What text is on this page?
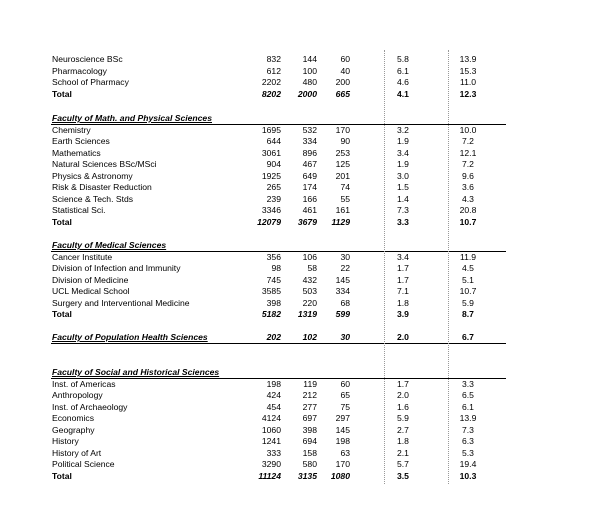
Neuroscience BSc	832	144	60	5.8	13.9
Pharmacology	612	100	40	6.1	15.3
School of Pharmacy	2202	480 200	4.6	11.0
Total	8202 2000 665	4.1	12.3
Faculty of Math. and Physical Sciences
Chemistry	1695	532 170	3.2	10.0
Earth Sciences	644	334	90	1.9	7.2
Mathematics	3061	896 253	3.4	12.1
Natural Sciences BSc/MSci	904	467 125	1.9	7.2
Physics & Astronomy	1925	649 201	3.0	9.6
Risk & Disaster Reduction	265	174	74	1.5	3.6
Science & Tech. Stds	239	166	55	1.4	4.3
Statistical Sci.	3346	461 161	7.3	20.8
Total	12079 3679 1129	3.3	10.7
Faculty of Medical Sciences
Cancer Institute	356	106	30	3.4	11.9
Division of Infection and Immunity	98	58	22	1.7	4.5
Division of Medicine	745	432 145	1.7	5.1
UCL Medical School	3585	503 334	7.1	10.7
Surgery and Interventional Medicine	398	220	68	1.8	5.9
Total	5182 1319 599	3.9	8.7
Faculty of Population Health Sciences	202	102	30	2.0	6.7
Faculty of Social and Historical Sciences
Inst. of Americas	198	119	60	1.7	3.3
Anthropology	424	212	65	2.0	6.5
Inst. of Archaeology	454	277	75	1.6	6.1
Economics	4124	697 297	5.9	13.9
Geography	1060	398 145	2.7	7.3
History	1241	694 198	1.8	6.3
History of Art	333	158	63	2.1	5.3
Political Science	3290	580 170	5.7	19.4
Total	11124 3135 1080	3.5	10.3
